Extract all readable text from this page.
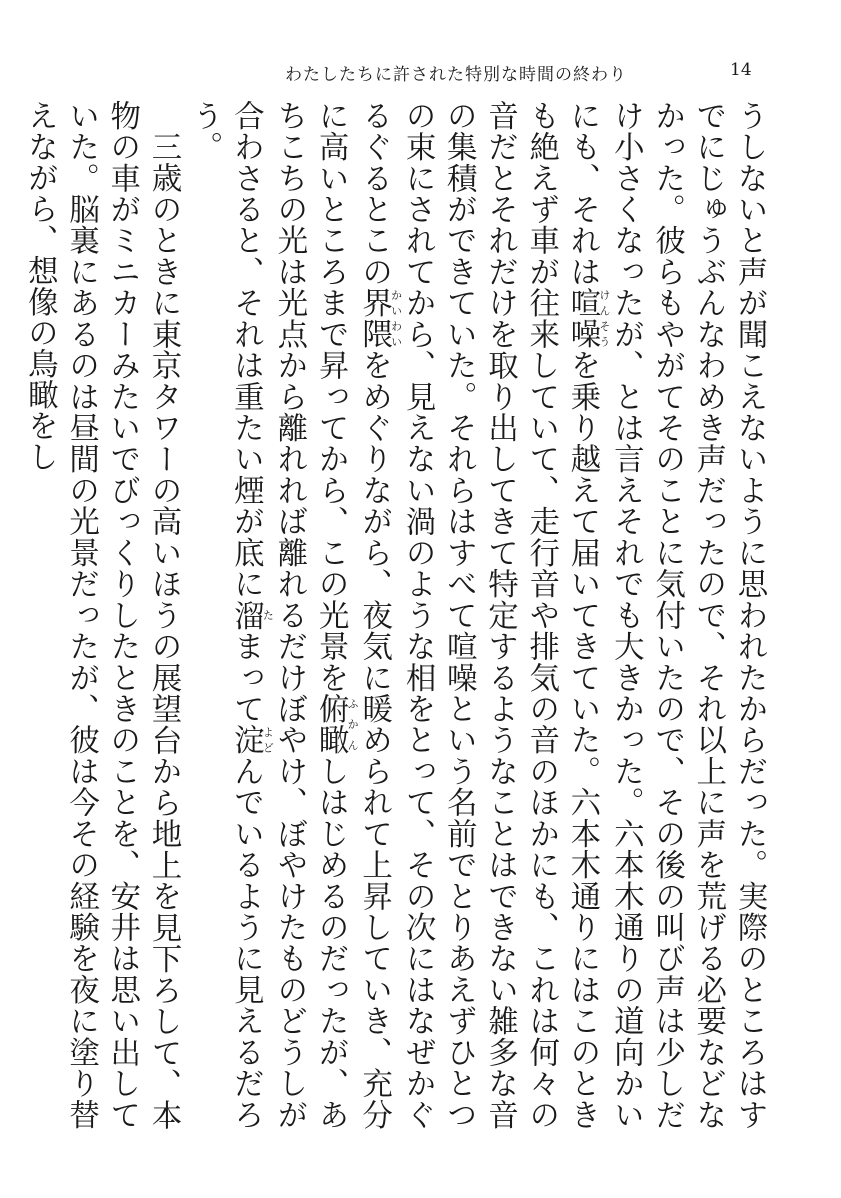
わたしたちに許された特別な時間の終わり	14

うしないと声が聞こえないように思われたからだった。実際のところはすでにじゅうぶんなわめき声だったので、それ以上に声を荒げる必要などなかった。彼らもやがてそのことに気付いたので、その後の叫び声は少しだけ小さくなったが、とは言えそれでも大きかった。六本木通りの道向かいにも、それは喧噪けんそうを乗り越えて届いてきていた。六本木通りにはこのときも絶えず車が往来していて、走行音や排気の音のほかにも、これは何々の音だとそれだけを取り出してきて特定するようなことはできない雑多な音の集積ができていた。それらはすべて喧噪という名前でとりあえずひとつの束にされてから、見えない渦のような相をとって、その次にはなぜかぐるぐるとこの界隈かいわいをめぐりながら、夜気に暖められて上昇していき、充分に高いところまで昇ってから、この光景を俯瞰ふかんしはじめるのだったが、あちこちの光は光点から離れれば離れるだけぼやけ、ぼやけたものどうしが合わさると、それは重たい煙が底に溜たまって淀よどんでいるように見えるだろう。

三歳のときに東京タワーの高いほうの展望台から地上を見下ろして、本物の車がミニカーみたいでびっくりしたときのことを、安井は思い出していた。脳裏にあるのは昼間の光景だったが、彼は今その経験を夜に塗り替えながら、想像の鳥瞰をし
